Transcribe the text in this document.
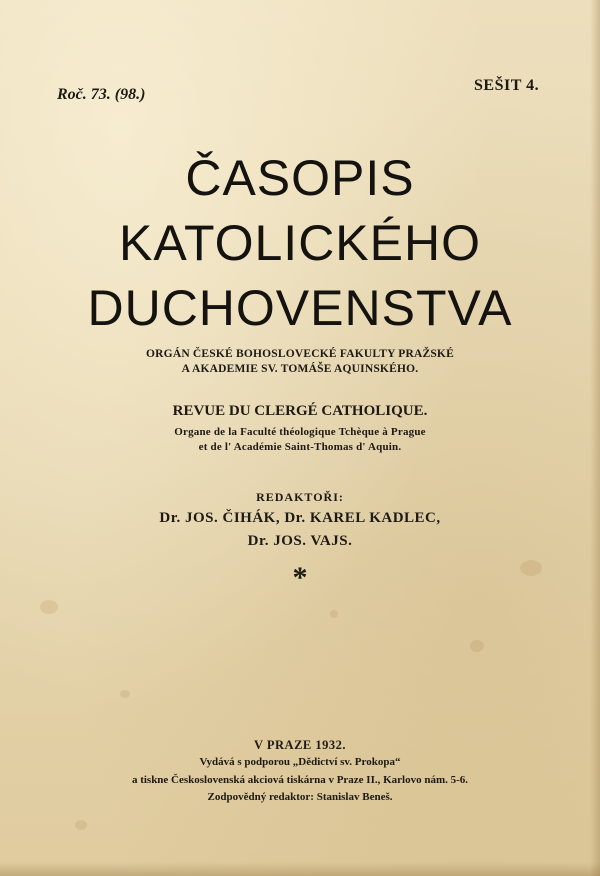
Roč. 73. (98.)
SEŠIT 4.
ČASOPIS
KATOLICKÉHO
DUCHOVENSTVA
ORGÁN ČESKÉ BOHOSLOVECKÉ FAKULTY PRAŽSKÉ
A AKADEMIE SV. TOMÁŠE AQUINSKÉHO.
REVUE DU CLERGÉ CATHOLIQUE.
Organe de la Faculté théologique Tchèque à Prague
et de l' Académie Saint-Thomas d' Aquin.
REDAKTOŘI:
Dr. JOS. ČIHÁK, Dr. KAREL KADLEC,
Dr. JOS. VAJS.
*
V PRAZE 1932.
Vydává s podporou „Dědictví sv. Prokopa“
a tiskne Československá akciová tiskárna v Praze II., Karlovo nám. 5-6.
Zodpovědný redaktor: Stanislav Beneš.
